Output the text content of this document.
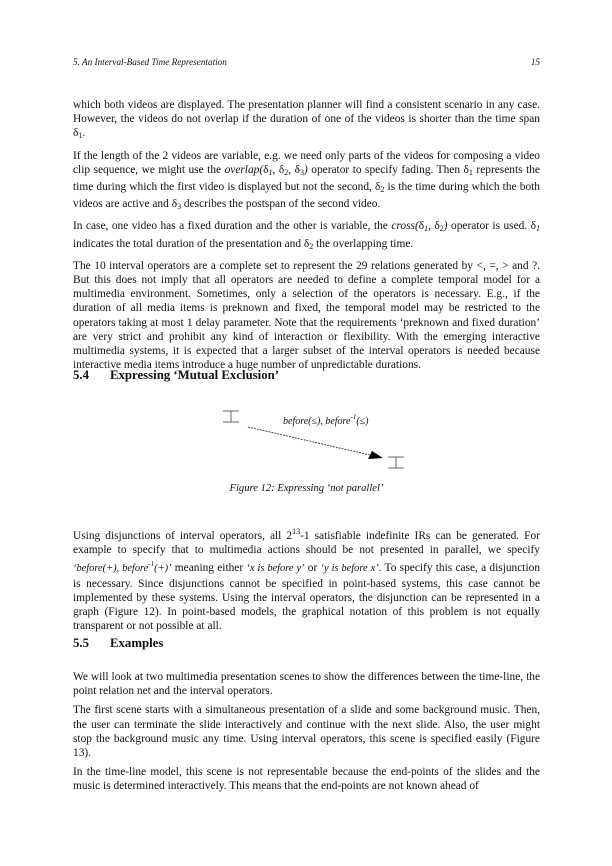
5. An Interval-Based Time Representation	15

which both videos are displayed. The presentation planner will find a consistent scenario in any case. However, the videos do not overlap if the duration of one of the videos is shorter than the time span $\delta_1$.

If the length of the 2 videos are variable, e.g. we need only parts of the videos for composing a video clip sequence, we might use the overlap(δ1, $\delta_2$, $\delta_3$) operator to specify fading. Then $\delta_1$ represents the time during which the first video is displayed but not the second, $\delta_2$ is the time during which the both videos are active and $\delta_3$ describes the postspan of the second video.

In case, one video has a fixed duration and the other is variable, the cross(δ1, $\delta_2$) operator is used. δ1 indicates the total duration of the presentation and $\delta_2$ the overlapping time.

The 10 interval operators are a complete set to represent the 29 relations generated by <, =, > and ?. But this does not imply that all operators are needed to define a complete temporal model for a multimedia environment. Sometimes, only a selection of the operators is necessary. E.g., if the duration of all media items is preknown and fixed, the temporal model may be restricted to the operators taking at most 1 delay parameter. Note that the requirements ‘preknown and fixed duration’ are very strict and prohibit any kind of interaction or flexibility. With the emerging interactive multimedia systems, it is expected that a larger subset of the interval operators is needed because interactive media items introduce a huge number of unpredictable durations.

5.4 Expressing ‘Mutual Exclusion’
before(≤), before$^{-1}$(≤)
Figure 12: Expressing ‘not parallel’

Using disjunctions of interval operators, all $2^{13}-1$ satisfiable indefinite IRs can be generated. For example to specify that to multimedia actions should be not presented in parallel, we specify ‘before(+), before$^{-1}$(+)’ meaning either ‘x is before y’ or ‘y is before x’. To specify this case, a disjunction is necessary. Since disjunctions cannot be specified in point-based systems, this case cannot be implemented by these systems. Using the interval operators, the disjunction can be represented in a graph (Figure 12). In point-based models, the graphical notation of this problem is not equally transparent or not possible at all.

5.5 Examples

We will look at two multimedia presentation scenes to show the differences between the time-line, the point relation net and the interval operators.

The first scene starts with a simultaneous presentation of a slide and some background music. Then, the user can terminate the slide interactively and continue with the next slide. Also, the user might stop the background music any time. Using interval operators, this scene is specified easily (Figure 13).

In the time-line model, this scene is not representable because the end-points of the slides and the music is determined interactively. This means that the end-points are not known ahead of
